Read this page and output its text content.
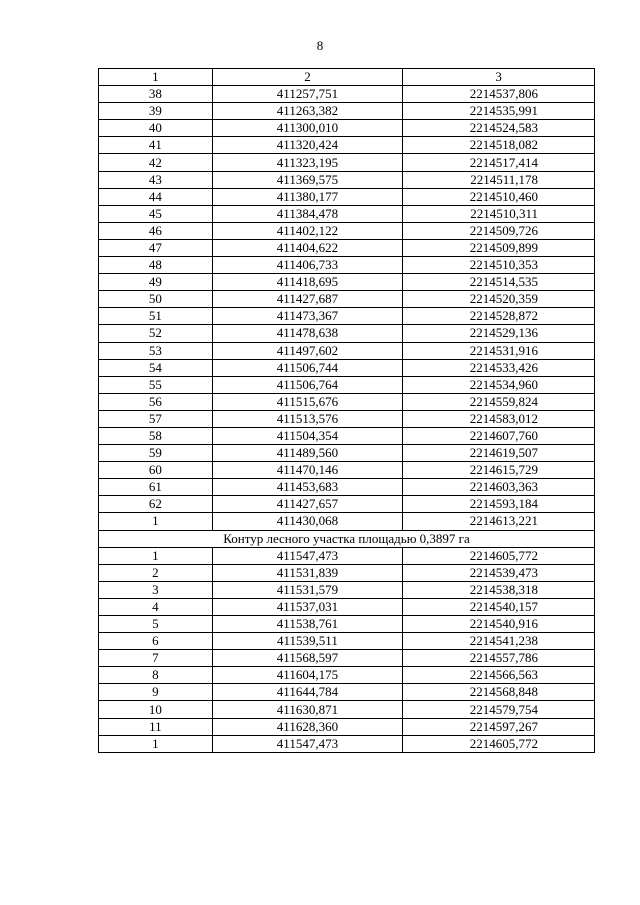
8
1	2	3
38	411257,751	2214537,806
39	411263,382	2214535,991
40	411300,010	2214524,583
41	411320,424	2214518,082
42	411323,195	2214517,414
43	411369,575	2214511,178
44	411380,177	2214510,460
45	411384,478	2214510,311
46	411402,122	2214509,726
47	411404,622	2214509,899
48	411406,733	2214510,353
49	411418,695	2214514,535
50	411427,687	2214520,359
51	411473,367	2214528,872
52	411478,638	2214529,136
53	411497,602	2214531,916
54	411506,744	2214533,426
55	411506,764	2214534,960
56	411515,676	2214559,824
57	411513,576	2214583,012
58	411504,354	2214607,760
59	411489,560	2214619,507
60	411470,146	2214615,729
61	411453,683	2214603,363
62	411427,657	2214593,184
1	411430,068	2214613,221
Контур лесного участка площадью 0,3897 га		
1	411547,473	2214605,772
2	411531,839	2214539,473
3	411531,579	2214538,318
4	411537,031	2214540,157
5	411538,761	2214540,916
6	411539,511	2214541,238
7	411568,597	2214557,786
8	411604,175	2214566,563
9	411644,784	2214568,848
10	411630,871	2214579,754
11	411628,360	2214597,267
1	411547,473	2214605,772
